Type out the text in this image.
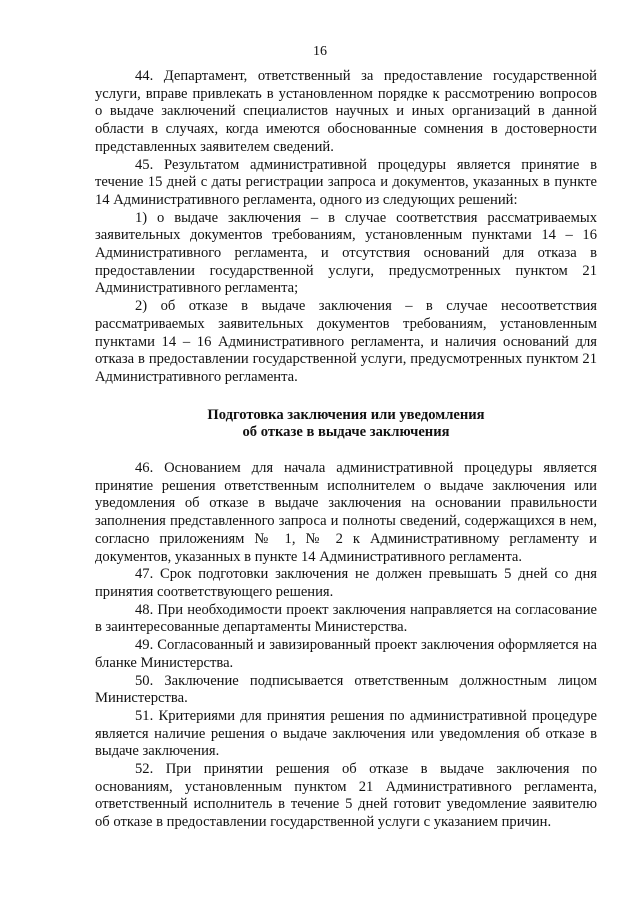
16

44. Департамент, ответственный за предоставление государственной услуги, вправе привлекать в установленном порядке к рассмотрению вопросов о выдаче заключений специалистов научных и иных организаций в данной области в случаях, когда имеются обоснованные сомнения в достоверности представленных заявителем сведений.

45. Результатом административной процедуры является принятие в течение 15 дней с даты регистрации запроса и документов, указанных в пункте 14 Административного регламента, одного из следующих решений:

1) о выдаче заключения – в случае соответствия рассматриваемых заявительных документов требованиям, установленным пунктами 14 – 16 Административного регламента, и отсутствия оснований для отказа в предоставлении государственной услуги, предусмотренных пунктом 21 Административного регламента;

2) об отказе в выдаче заключения – в случае несоответствия рассматриваемых заявительных документов требованиям, установленным пунктами 14 – 16 Административного регламента, и наличия оснований для отказа в предоставлении государственной услуги, предусмотренных пунктом 21 Административного регламента.

Подготовка заключения или уведомления
об отказе в выдаче заключения

46. Основанием для начала административной процедуры является принятие решения ответственным исполнителем о выдаче заключения или уведомления об отказе в выдаче заключения на основании правильности заполнения представленного запроса и полноты сведений, содержащихся в нем, согласно приложениям № 1, № 2 к Административному регламенту и документов, указанных в пункте 14 Административного регламента.

47. Срок подготовки заключения не должен превышать 5 дней со дня принятия соответствующего решения.

48. При необходимости проект заключения направляется на согласование в заинтересованные департаменты Министерства.

49. Согласованный и завизированный проект заключения оформляется на бланке Министерства.

50. Заключение подписывается ответственным должностным лицом Министерства.

51. Критериями для принятия решения по административной процедуре является наличие решения о выдаче заключения или уведомления об отказе в выдаче заключения.

52. При принятии решения об отказе в выдаче заключения по основаниям, установленным пунктом 21 Административного регламента, ответственный исполнитель в течение 5 дней готовит уведомление заявителю об отказе в предоставлении государственной услуги с указанием причин.
